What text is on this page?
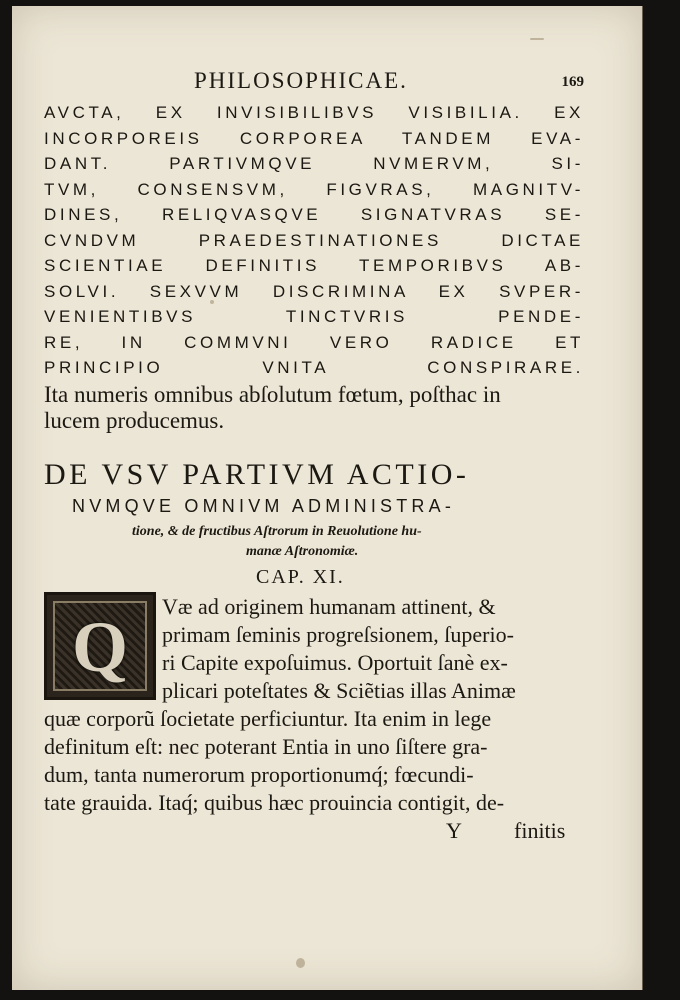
PHILOSOPHICAE.	169
AVCTA, EX INVISIBILIBVS VISIBILIA. EX
INCORPOREIS CORPOREA TANDEM EVA-
DANT. PARTIVMQVE NVMERVM, SI-
TVM, CONSENSVM, FIGVRAS, MAGNITV-
DINES, RELIQVASQVE SIGNATVRAS SE-
CVNDVM PRAEDESTINATIONES DICTAE
SCIENTIAE DEFINITIS TEMPORIBVS AB-
SOLVI. SEXVVM DISCRIMINA EX SVPER-
VENIENTIBVS TINCTVRIS PENDE-
RE, IN COMMVNI VERO RADICE ET
PRINCIPIO VNITA CONSPIRARE.
Ita numeris omnibus abſolutum fœtum, poſthac in
lucem producemus.
DE VSV PARTIVM ACTIO-
NVMQVE OMNIVM ADMINISTRA-
tione, & de fructibus Aſtrorum in Reuolutione hu-
manæ Aſtronomiæ.
CAP. XI.
Q
Væ ad originem humanam attinent, &
primam ſeminis progreſsionem, ſuperio-
ri Capite expoſuimus. Oportuit ſanè ex-
plicari poteſtates & Sciẽtias illas Animæ
quæ corporũ ſocietate perficiuntur. Ita enim in lege
definitum eſt: nec poterant Entia in uno ſiſtere gra-
dum, tanta numerorum proportionumq́; fœcundi-
tate grauida. Itaq́; quibus hæc prouincia contigit, de-
Y finitis
